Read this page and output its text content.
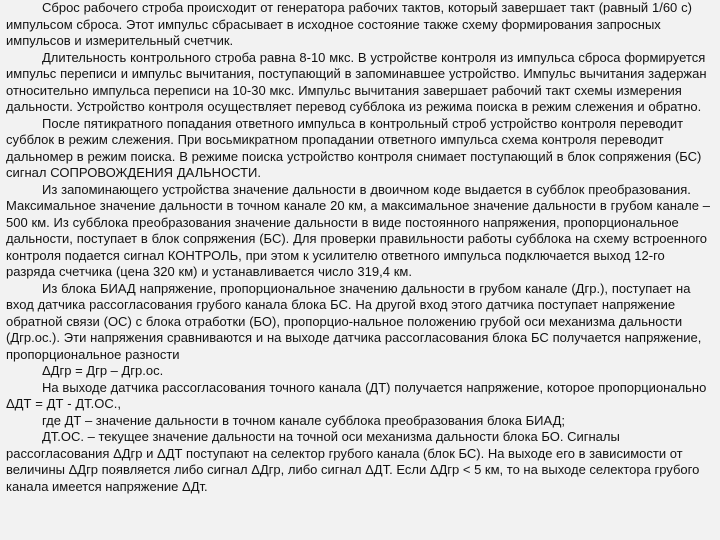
Сброс рабочего строба происходит от генератора рабочих тактов, который завершает такт (равный 1/60 с) импульсом сброса. Этот импульс сбрасывает в исходное состояние также схему формирования запросных импульсов и измерительный счетчик.

Длительность контрольного строба равна 8-10 мкс. В устройстве контроля из импульса сброса формируется импульс переписи и импульс вычитания, поступающий в запоминавшее устройство. Импульс вычитания задержан относительно импульса переписи на 10-30 мкс. Импульс вычитания завершает рабочий такт схемы измерения дальности. Устройство контроля осуществляет перевод субблока из режима поиска в режим слежения и обратно.

После пятикратного попадания ответного импульса в контрольный строб устройство контроля переводит субблок в режим слежения. При восьмикратном пропадании ответного импульса схема контроля переводит дальномер в режим поиска. В режиме поиска устройство контроля снимает поступающий в блок сопряжения (БС) сигнал СОПРОВОЖДЕНИЯ ДАЛЬНОСТИ.

Из запоминающего устройства значение дальности в двоичном коде выдается в субблок преобразования. Максимальное значение дальности в точном канале 20 км, а максимальное значение дальности в грубом канале – 500 км. Из субблока преобразования значение дальности в виде постоянного напряжения, пропорциональное дальности, поступает в блок сопряжения (БС). Для проверки правильности работы субблока на схему встроенного контроля подается сигнал КОНТРОЛЬ, при этом к усилителю ответного импульса подключается выход 12-го разряда счетчика (цена 320 км) и устанавливается число 319,4 км.

Из блока БИАД напряжение, пропорциональное значению дальности в грубом канале (Дгр.), поступает на вход датчика рассогласования грубого канала блока БС. На другой вход этого датчика поступает напряжение обратной связи (ОС) с блока отработки (БО), пропорцио-нальное положению грубой оси механизма дальности (Дгр.ос.). Эти напряжения сравниваются и на выходе датчика рассогласования блока БС получается напряжение, пропорциональное разности

ΔДгр = Дгр – Дгр.ос.

На выходе датчика рассогласования точного канала (ДТ) получается напряжение, которое пропорционально ΔДТ = ДТ - ДТ.ОС.,

где ДТ – значение дальности в точном канале субблока преобразования блока БИАД;

ДТ.ОС. – текущее значение дальности на точной оси механизма дальности блока БО. Сигналы рассогласования ΔДгр и ΔДТ поступают на селектор грубого канала (блок БС). На выходе его в зависимости от величины ΔДгр появляется либо сигнал ΔДгр, либо сигнал ΔДТ. Если ΔДгр < 5 км, то на выходе селектора грубого канала имеется напряжение ΔДт.
